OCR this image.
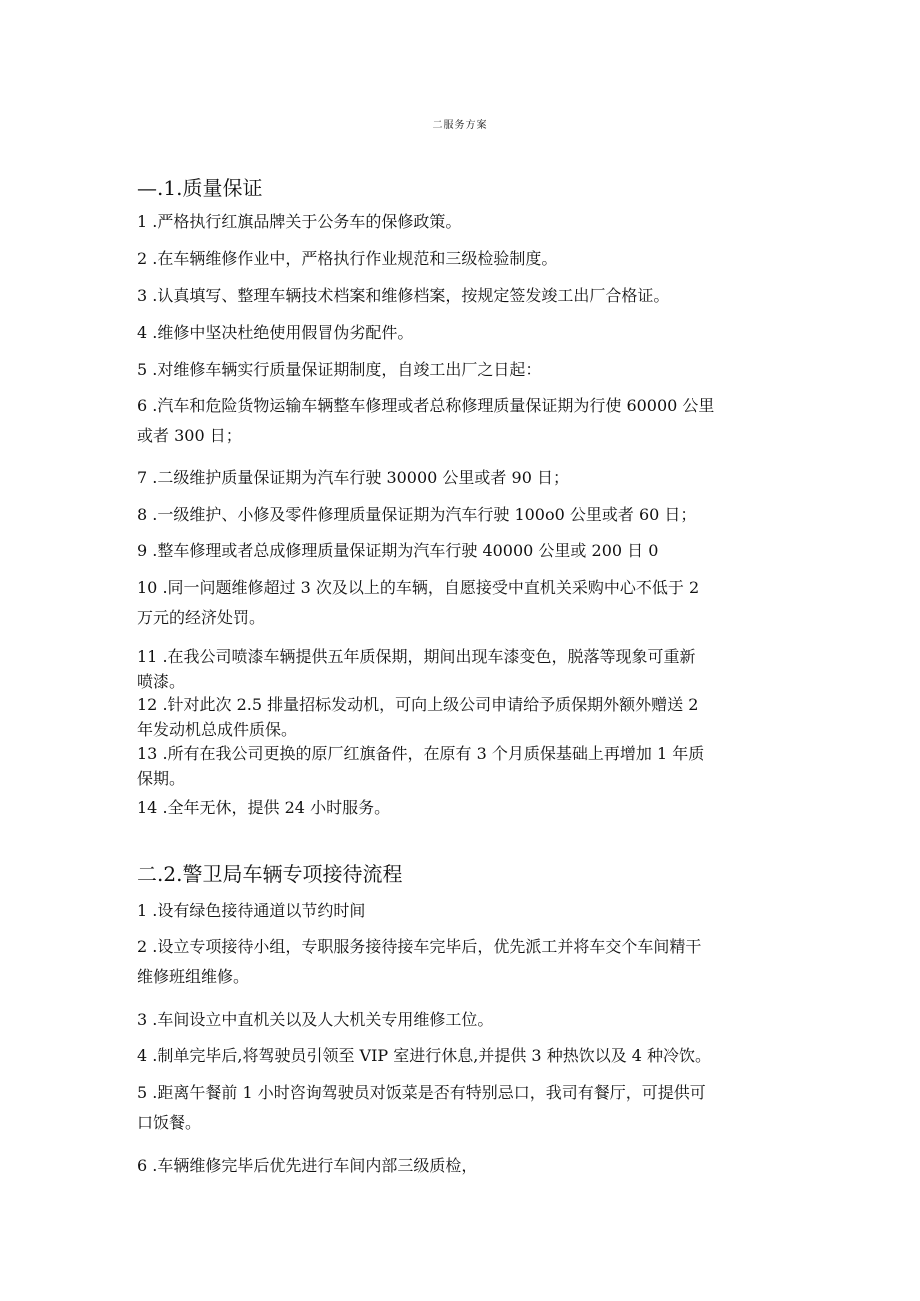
二服务方案
—.1.质量保证
1 .严格执行红旗品牌关于公务车的保修政策。
2 .在车辆维修作业中，严格执行作业规范和三级检验制度。
3 .认真填写、整理车辆技术档案和维修档案，按规定签发竣工出厂合格证。
4 .维修中坚决杜绝使用假冒伪劣配件。
5 .对维修车辆实行质量保证期制度，自竣工出厂之日起：
6 .汽车和危险货物运输车辆整车修理或者总称修理质量保证期为行使 60000 公里
或者 300 日；
7 .二级维护质量保证期为汽车行驶 30000 公里或者 90 日；
8 .一级维护、小修及零件修理质量保证期为汽车行驶 100o0 公里或者 60 日；
9 .整车修理或者总成修理质量保证期为汽车行驶 40000 公里或 200 日 0
10 .同一问题维修超过 3 次及以上的车辆，自愿接受中直机关采购中心不低于 2
万元的经济处罚。
11 .在我公司喷漆车辆提供五年质保期，期间出现车漆变色，脱落等现象可重新
喷漆。
12 .针对此次 2.5 排量招标发动机，可向上级公司申请给予质保期外额外赠送 2
年发动机总成件质保。
13 .所有在我公司更换的原厂红旗备件，在原有 3 个月质保基础上再增加 1 年质
保期。
14 .全年无休，提供 24 小时服务。
二.2.警卫局车辆专项接待流程
1 .设有绿色接待通道以节约时间
2 .设立专项接待小组，专职服务接待接车完毕后，优先派工并将车交个车间精干
维修班组维修。
3 .车间设立中直机关以及人大机关专用维修工位。
4 .制单完毕后,将驾驶员引领至 VIP 室进行休息,并提供 3 种热饮以及 4 种冷饮。
5 .距离午餐前 1 小时咨询驾驶员对饭菜是否有特别忌口，我司有餐厅，可提供可
口饭餐。
6 .车辆维修完毕后优先进行车间内部三级质检，
